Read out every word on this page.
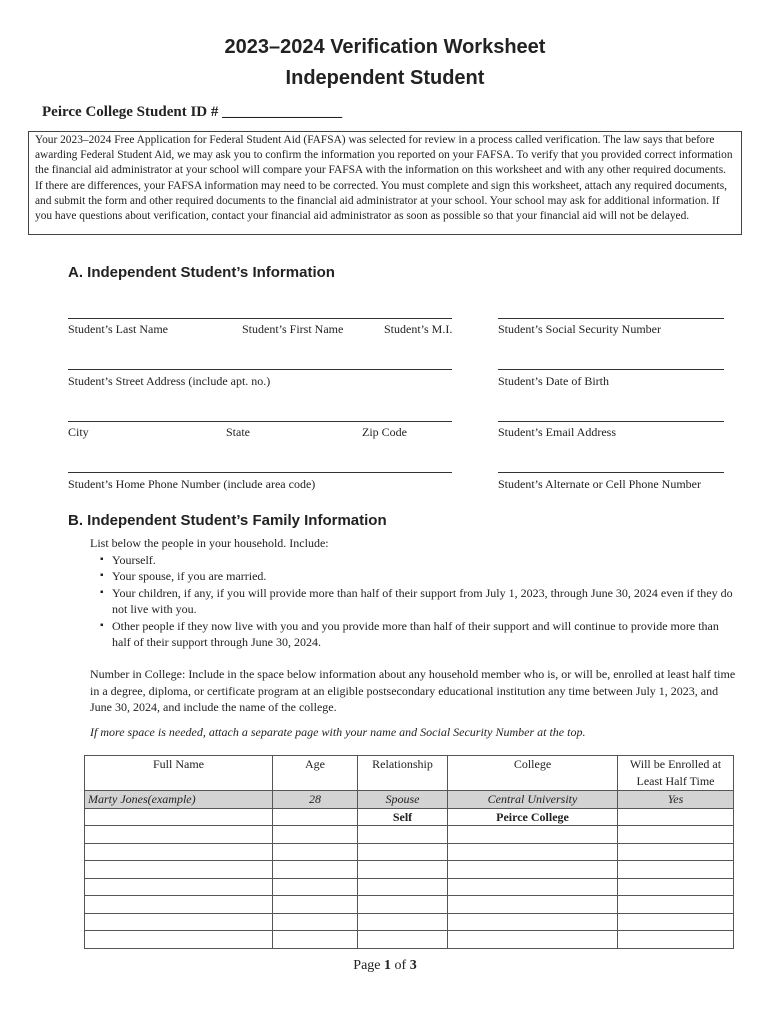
2023–2024 Verification Worksheet
Independent Student
Peirce College Student ID # ________________
Your 2023–2024 Free Application for Federal Student Aid (FAFSA) was selected for review in a process called verification. The law says that before awarding Federal Student Aid, we may ask you to confirm the information you reported on your FAFSA. To verify that you provided correct information the financial aid administrator at your school will compare your FAFSA with the information on this worksheet and with any other required documents. If there are differences, your FAFSA information may need to be corrected. You must complete and sign this worksheet, attach any required documents, and submit the form and other required documents to the financial aid administrator at your school. Your school may ask for additional information. If you have questions about verification, contact your financial aid administrator as soon as possible so that your financial aid will not be delayed.
A. Independent Student’s Information
Student’s Last Name	Student’s First Name	Student’s M.I.	Student’s Social Security Number
Student’s Street Address (include apt. no.)	Student’s Date of Birth
City	State	Zip Code	Student’s Email Address
Student’s Home Phone Number (include area code)	Student’s Alternate or Cell Phone Number
B. Independent Student’s Family Information
List below the people in your household. Include:
▪ Yourself.
▪ Your spouse, if you are married.
▪ Your children, if any, if you will provide more than half of their support from July 1, 2023, through June 30, 2024 even if they do not live with you.
▪ Other people if they now live with you and you provide more than half of their support and will continue to provide more than half of their support through June 30, 2024.
Number in College: Include in the space below information about any household member who is, or will be, enrolled at least half time in a degree, diploma, or certificate program at an eligible postsecondary educational institution any time between July 1, 2023, and June 30, 2024, and include the name of the college.
If more space is needed, attach a separate page with your name and Social Security Number at the top.
Full Name	Age	Relationship	College	Will be Enrolled at Least Half Time
Marty Jones(example)	28	Spouse	Central University	Yes
		Self	Peirce College	

Page 1 of 3
